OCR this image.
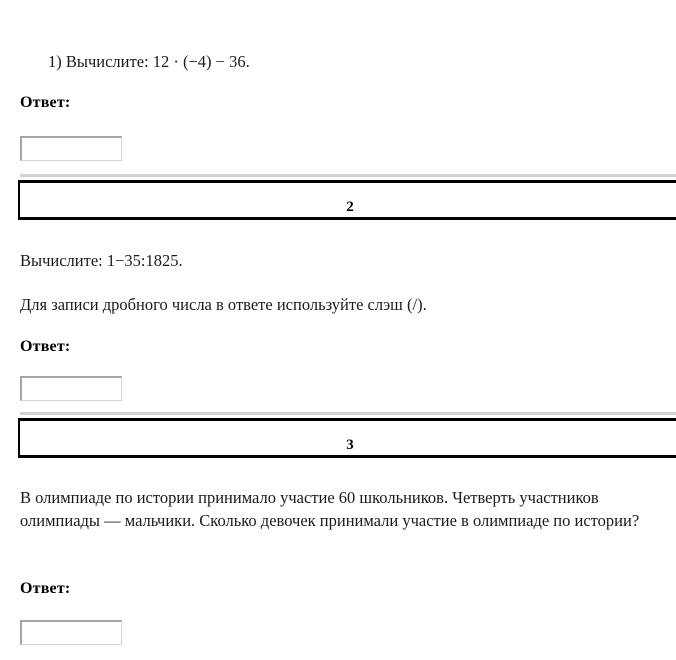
1) Вычислите: 12 · (−4) − 36.
Ответ:
2
Вычислите: 1−35:1825.
Для записи дробного числа в ответе используйте слэш (/).
Ответ:
3
В олимпиаде по истории принимало участие 60 школьников. Четверть участников олимпиады — мальчики. Сколько девочек принимали участие в олимпиаде по истории?
Ответ:
